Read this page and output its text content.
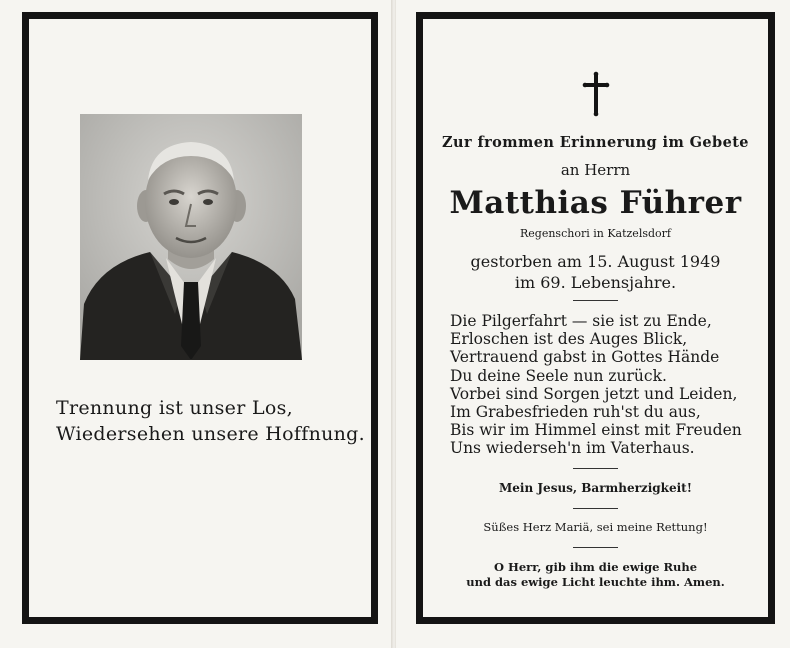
Trennung ist unser Los,
Wiedersehen unsere Hoffnung.
Zur frommen Erinnerung im Gebete
an Herrn
Matthias Führer
Regenschori in Katzelsdorf
gestorben am 15. August 1949
im 69. Lebensjahre.
Die Pilgerfahrt — sie ist zu Ende,
Erloschen ist des Auges Blick,
Vertrauend gabst in Gottes Hände
Du deine Seele nun zurück.
Vorbei sind Sorgen jetzt und Leiden,
Im Grabesfrieden ruh'st du aus,
Bis wir im Himmel einst mit Freuden
Uns wiederseh'n im Vaterhaus.
Mein Jesus, Barmherzigkeit!
Süßes Herz Mariä, sei meine Rettung!
O Herr, gib ihm die ewige Ruhe
und das ewige Licht leuchte ihm. Amen.
